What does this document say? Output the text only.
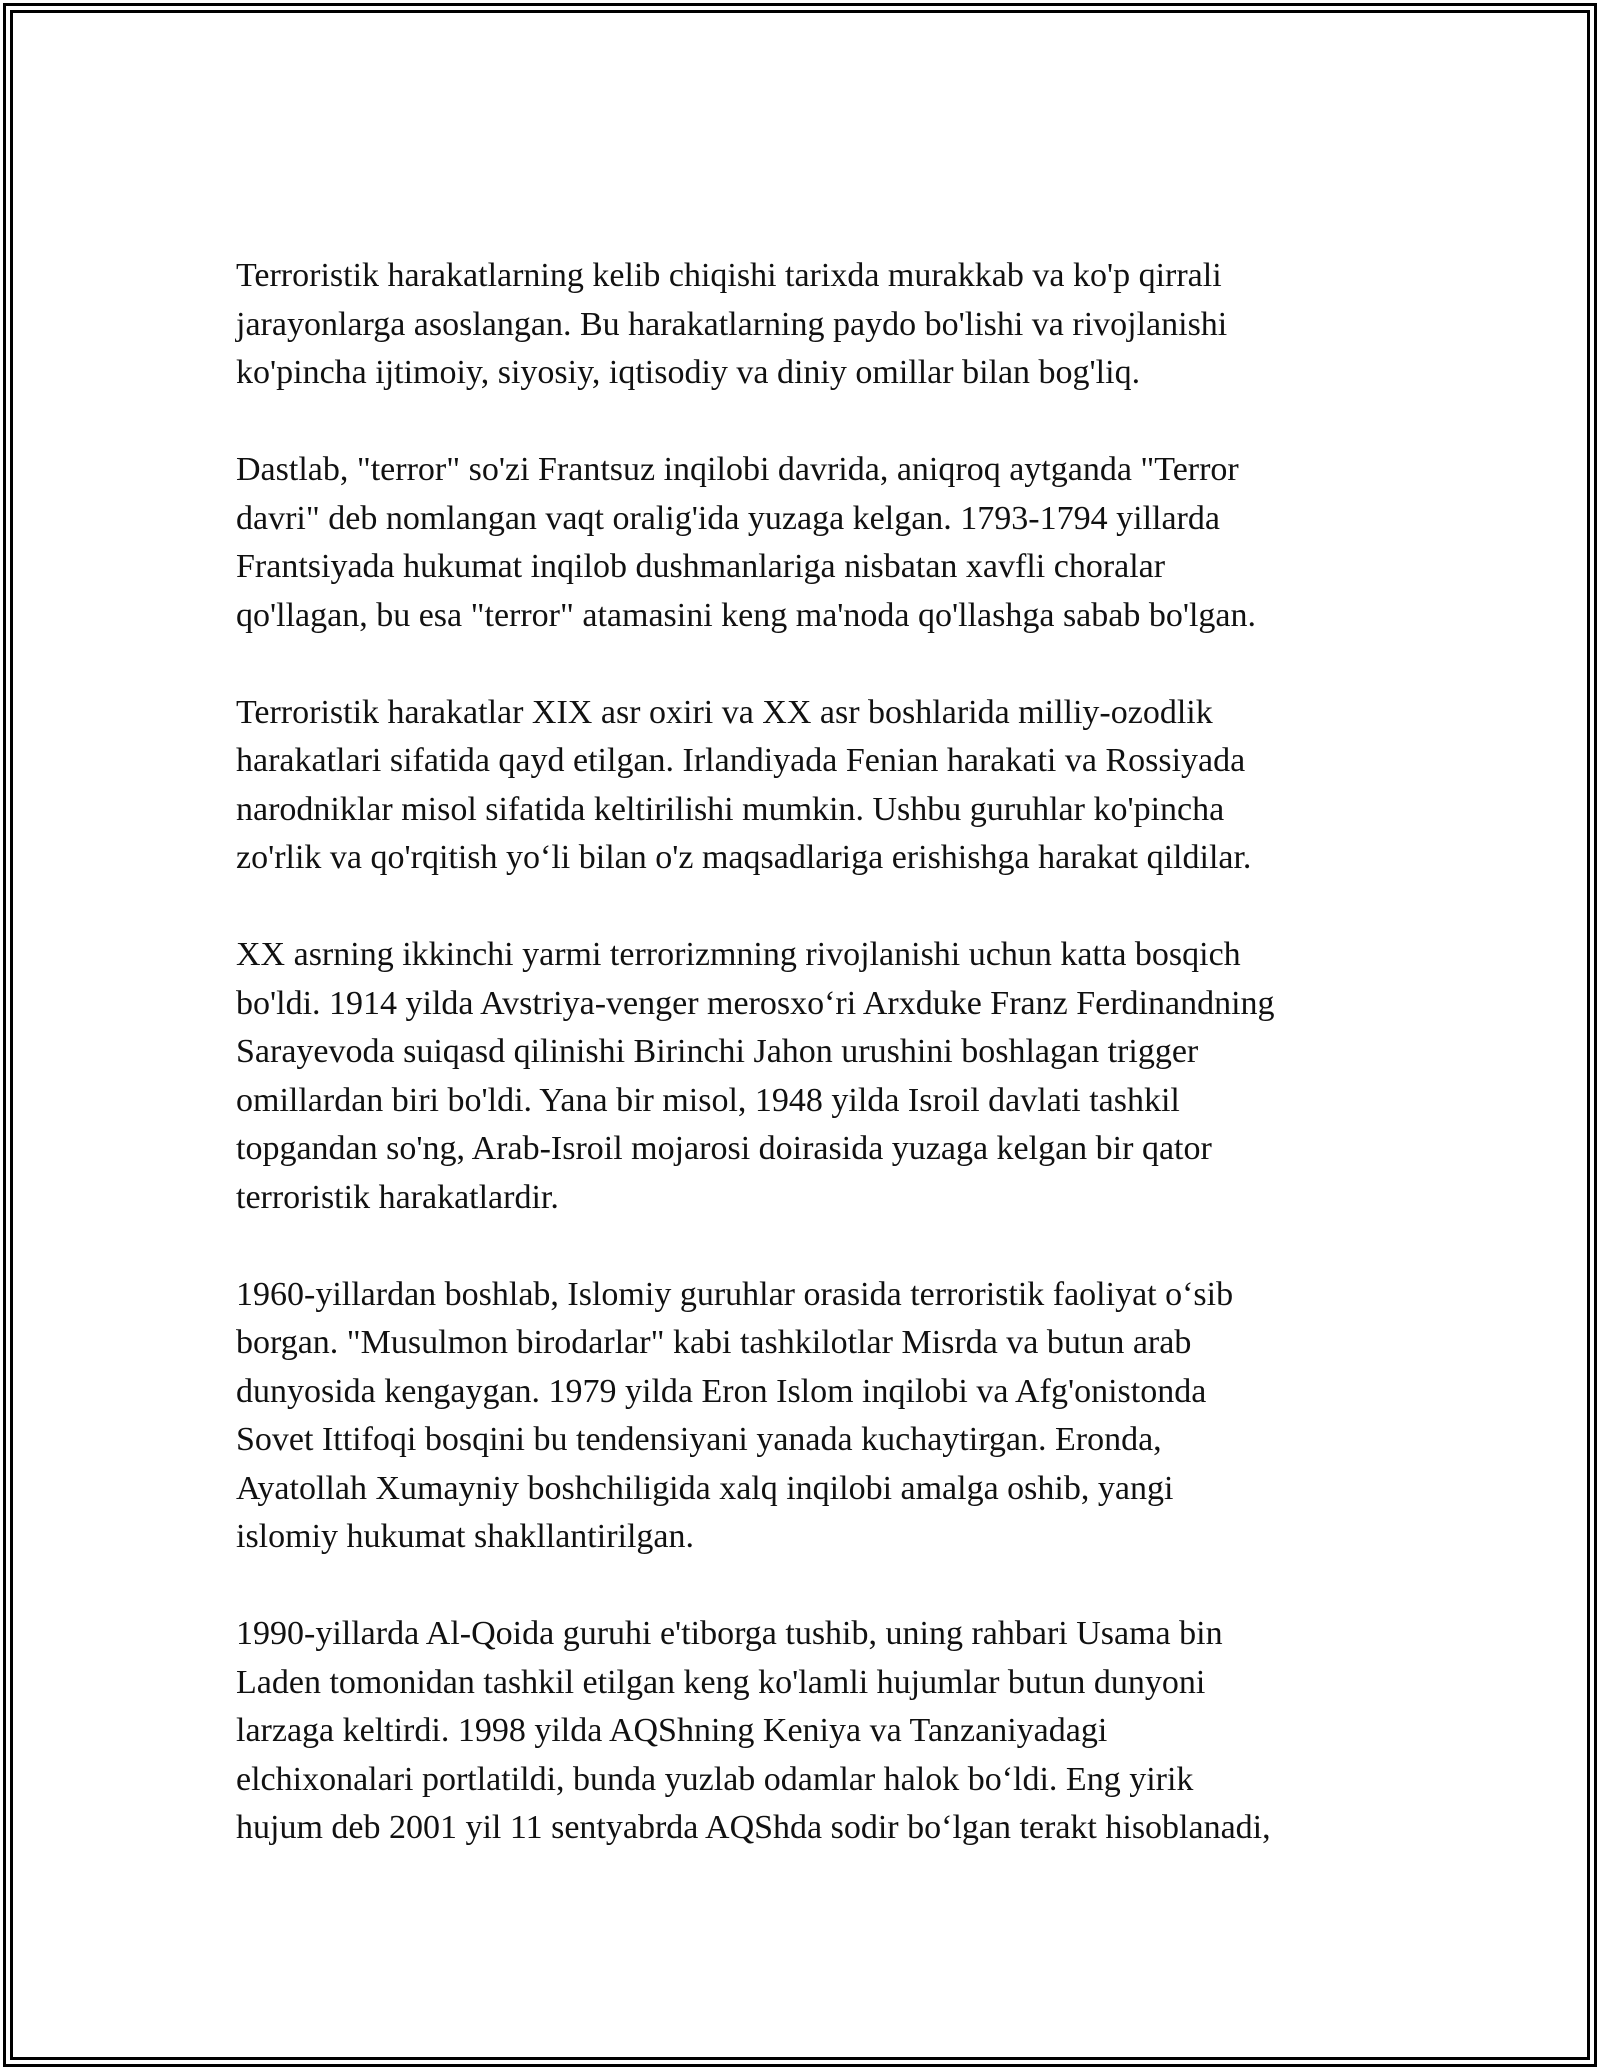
Terroristik harakatlarning kelib chiqishi tarixda murakkab va ko'p qirrali
jarayonlarga asoslangan. Bu harakatlarning paydo bo'lishi va rivojlanishi
ko'pincha ijtimoiy, siyosiy, iqtisodiy va diniy omillar bilan bog'liq.

Dastlab, "terror" so'zi Frantsuz inqilobi davrida, aniqroq aytganda "Terror
davri" deb nomlangan vaqt oralig'ida yuzaga kelgan. 1793-1794 yillarda
Frantsiyada hukumat inqilob dushmanlariga nisbatan xavfli choralar
qo'llagan, bu esa "terror" atamasini keng ma'noda qo'llashga sabab bo'lgan.

Terroristik harakatlar XIX asr oxiri va XX asr boshlarida milliy-ozodlik
harakatlari sifatida qayd etilgan. Irlandiyada Fenian harakati va Rossiyada
narodniklar misol sifatida keltirilishi mumkin. Ushbu guruhlar ko'pincha
zo'rlik va qo'rqitish yo‘li bilan o'z maqsadlariga erishishga harakat qildilar.

XX asrning ikkinchi yarmi terrorizmning rivojlanishi uchun katta bosqich
bo'ldi. 1914 yilda Avstriya-venger merosxo‘ri Arxduke Franz Ferdinandning
Sarayevoda suiqasd qilinishi Birinchi Jahon urushini boshlagan trigger
omillardan biri bo'ldi. Yana bir misol, 1948 yilda Isroil davlati tashkil
topgandan so'ng, Arab-Isroil mojarosi doirasida yuzaga kelgan bir qator
terroristik harakatlardir.

1960-yillardan boshlab, Islomiy guruhlar orasida terroristik faoliyat o‘sib
borgan. "Musulmon birodarlar" kabi tashkilotlar Misrda va butun arab
dunyosida kengaygan. 1979 yilda Eron Islom inqilobi va Afg'onistonda
Sovet Ittifoqi bosqini bu tendensiyani yanada kuchaytirgan. Eronda,
Ayatollah Xumayniy boshchiligida xalq inqilobi amalga oshib, yangi
islomiy hukumat shakllantirilgan.

1990-yillarda Al-Qoida guruhi e'tiborga tushib, uning rahbari Usama bin
Laden tomonidan tashkil etilgan keng ko'lamli hujumlar butun dunyoni
larzaga keltirdi. 1998 yilda AQShning Keniya va Tanzaniyadagi
elchixonalari portlatildi, bunda yuzlab odamlar halok bo‘ldi. Eng yirik
hujum deb 2001 yil 11 sentyabrda AQShda sodir bo‘lgan terakt hisoblanadi,
